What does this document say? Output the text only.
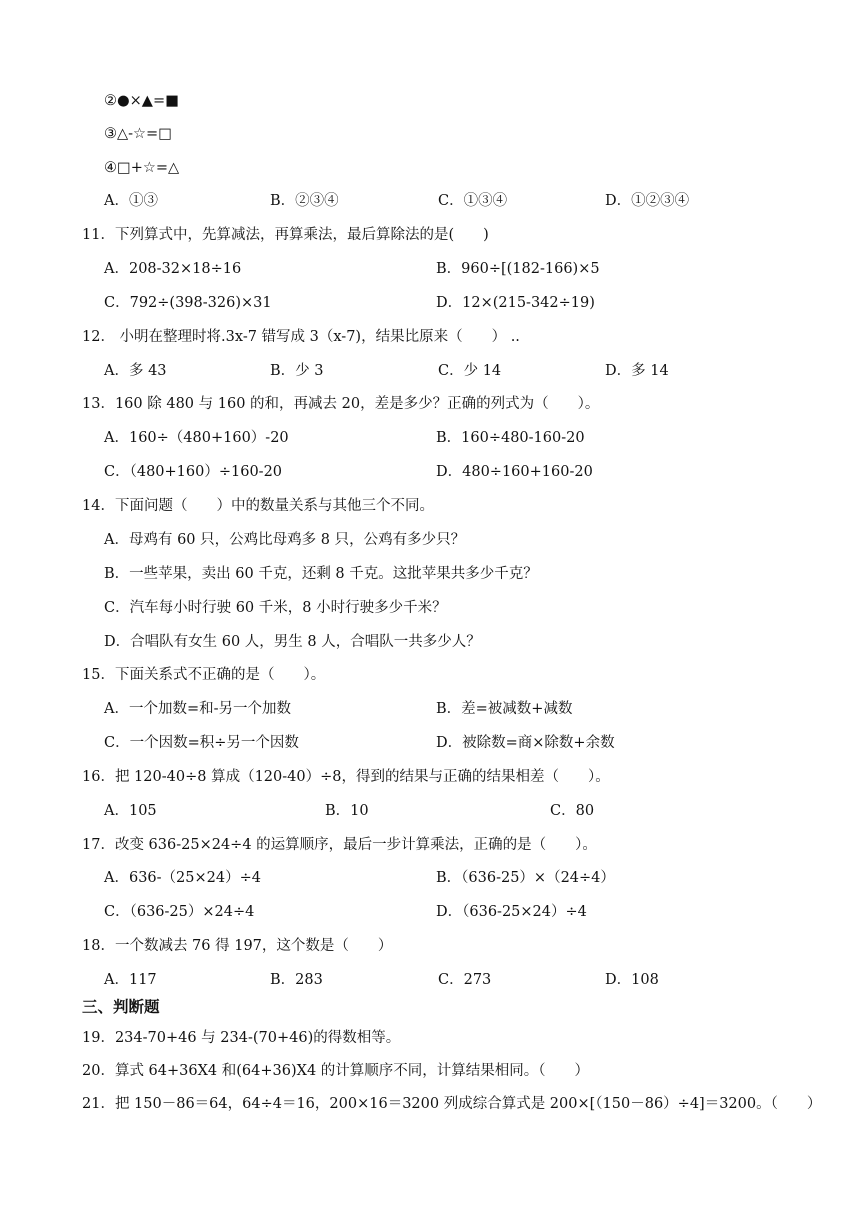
②●×▲=■
③△-☆=□
④□+☆=△
A．①③	B．②③④	C．①③④	D．①②③④
11．下列算式中，先算减法，再算乘法，最后算除法的是(　　)
A．208-32×18÷16	B．960÷[(182-166)×5
C．792÷(398-326)×31	D．12×(215-342÷19)
12． 小明在整理时将.3x-7 错写成 3（x-7)，结果比原来（　　） ..
A．多 43	B．少 3	C．少 14	D．多 14
13．160 除 480 与 160 的和，再减去 20，差是多少？正确的列式为（　　）。
A．160÷（480+160）-20	B．160÷480-160-20
C．（480+160）÷160-20	D．480÷160+160-20
14．下面问题（　　）中的数量关系与其他三个不同。
A．母鸡有 60 只，公鸡比母鸡多 8 只，公鸡有多少只？
B．一些苹果，卖出 60 千克，还剩 8 千克。这批苹果共多少千克？
C．汽车每小时行驶 60 千米，8 小时行驶多少千米？
D．合唱队有女生 60 人，男生 8 人，合唱队一共多少人？
15．下面关系式不正确的是（　　）。
A．一个加数=和-另一个加数	B．差=被减数+减数
C．一个因数=积÷另一个因数	D．被除数=商×除数+余数
16．把 120-40÷8 算成（120-40）÷8，得到的结果与正确的结果相差（　　）。
A．105	B．10	C．80
17．改变 636-25×24÷4 的运算顺序，最后一步计算乘法，正确的是（　　）。
A．636-（25×24）÷4	B．（636-25）×（24÷4）
C．（636-25）×24÷4	D．（636-25×24）÷4
18．一个数减去 76 得 197，这个数是（　　）
A．117	B．283	C．273	D．108
三、判断题
19．234-70+46 与 234-(70+46)的得数相等。
20．算式 64+36X4 和(64+36)X4 的计算顺序不同，计算结果相同。（　　）
21．把 150－86＝64，64÷4＝16，200×16＝3200 列成综合算式是 200×[（150－86）÷4]＝3200。（　　）
